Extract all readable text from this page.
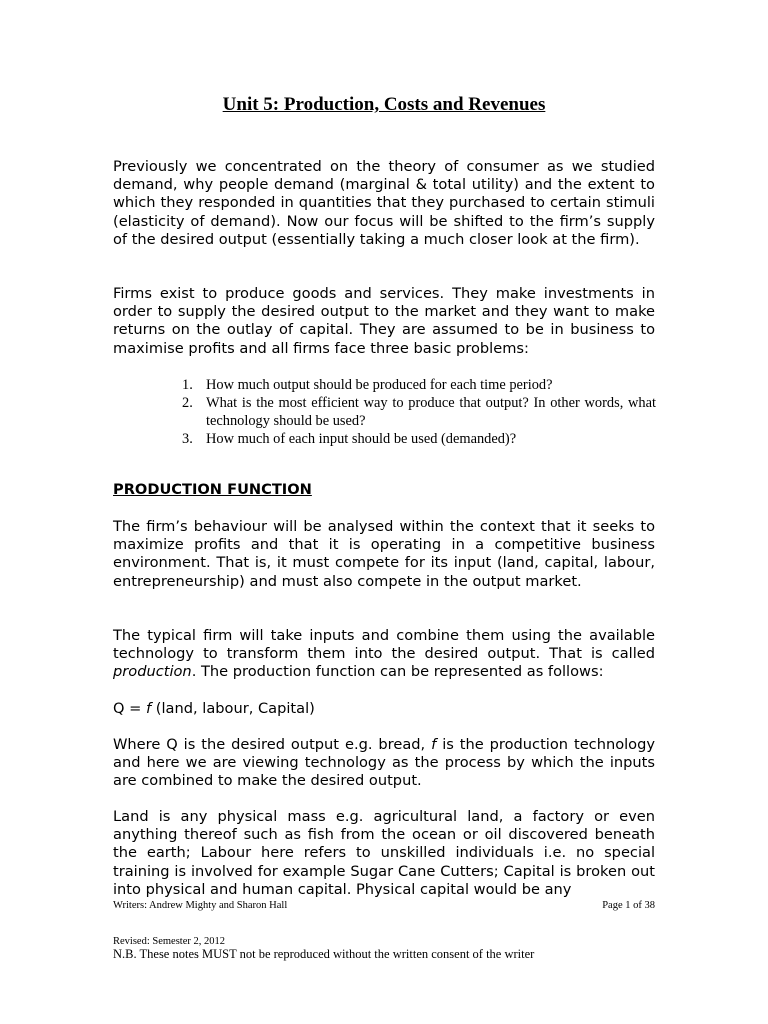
Unit 5: Production, Costs and Revenues

Previously we concentrated on the theory of consumer as we studied demand, why people demand (marginal & total utility) and the extent to which they responded in quantities that they purchased to certain stimuli (elasticity of demand). Now our focus will be shifted to the firm’s supply of the desired output (essentially taking a much closer look at the firm).

Firms exist to produce goods and services. They make investments in order to supply the desired output to the market and they want to make returns on the outlay of capital. They are assumed to be in business to maximise profits and all firms face three basic problems:

1. How much output should be produced for each time period?
2. What is the most efficient way to produce that output? In other words, what technology should be used?
3. How much of each input should be used (demanded)?
PRODUCTION FUNCTION

The firm’s behaviour will be analysed within the context that it seeks to maximize profits and that it is operating in a competitive business environment. That is, it must compete for its input (land, capital, labour, entrepreneurship) and must also compete in the output market.

The typical firm will take inputs and combine them using the available technology to transform them into the desired output. That is called production. The production function can be represented as follows:

Q = f (land, labour, Capital)

Where Q is the desired output e.g. bread, f is the production technology and here we are viewing technology as the process by which the inputs are combined to make the desired output.

Land is any physical mass e.g. agricultural land, a factory or even anything thereof such as fish from the ocean or oil discovered beneath the earth; Labour here refers to unskilled individuals i.e. no special training is involved for example Sugar Cane Cutters; Capital is broken out into physical and human capital. Physical capital would be any

Writers: Andrew Mighty and Sharon Hall	Page 1 of 38

Revised: Semester 2, 2012

N.B. These notes MUST not be reproduced without the written consent of the writer
